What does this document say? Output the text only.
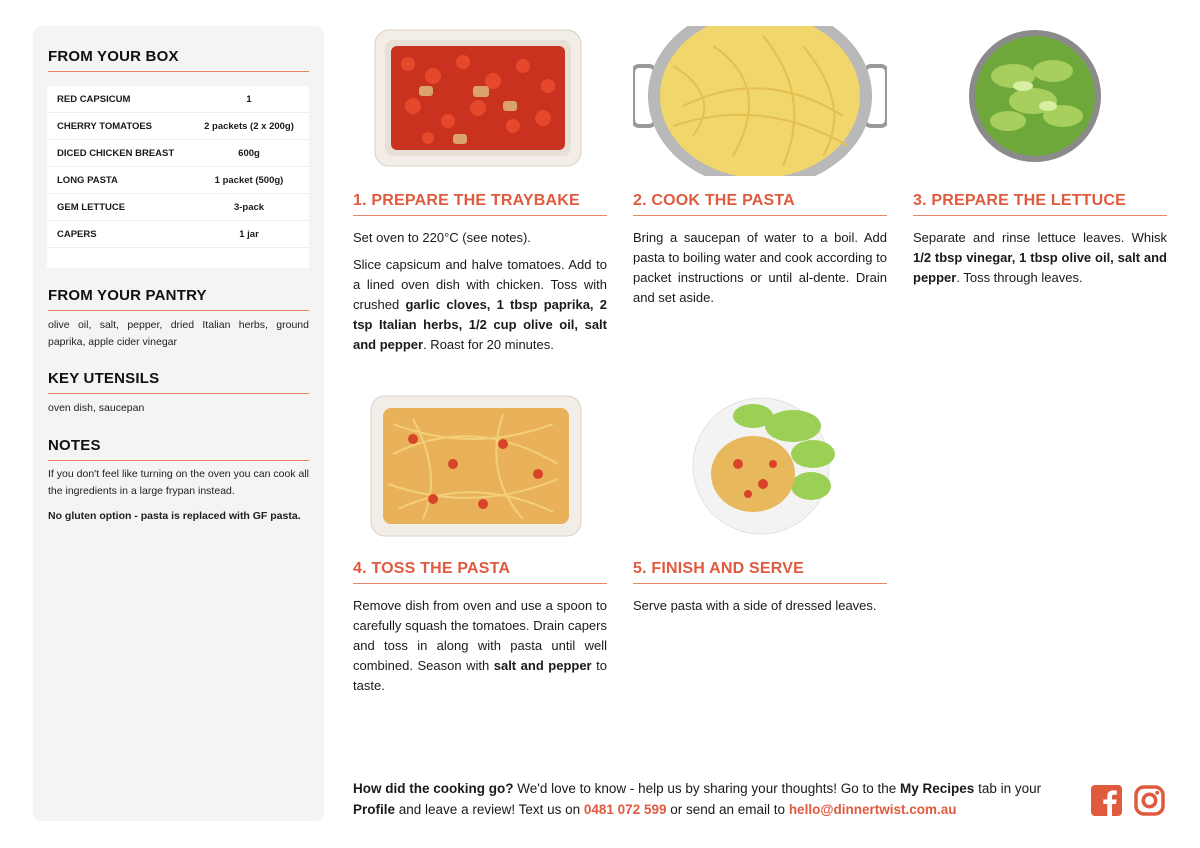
FROM YOUR BOX
RED CAPSICUM	1
CHERRY TOMATOES	2 packets (2 x 200g)
DICED CHICKEN BREAST	600g
LONG PASTA	1 packet (500g)
GEM LETTUCE	3-pack
CAPERS	1 jar
FROM YOUR PANTRY
olive oil, salt, pepper, dried Italian herbs, ground paprika, apple cider vinegar
KEY UTENSILS
oven dish, saucepan
NOTES
If you don't feel like turning on the oven you can cook all the ingredients in a large frypan instead.
No gluten option - pasta is replaced with GF pasta.
1. PREPARE THE TRAYBAKE

Set oven to 220°C (see notes).

Slice capsicum and halve tomatoes. Add to a lined oven dish with chicken. Toss with crushed garlic cloves, 1 tbsp paprika, 2 tsp Italian herbs, 1/2 cup olive oil, salt and pepper. Roast for 20 minutes.

2. COOK THE PASTA

Bring a saucepan of water to a boil. Add pasta to boiling water and cook according to packet instructions or until al-dente. Drain and set aside.

3. PREPARE THE LETTUCE

Separate and rinse lettuce leaves. Whisk 1/2 tbsp vinegar, 1 tbsp olive oil, salt and pepper. Toss through leaves.

4. TOSS THE PASTA

Remove dish from oven and use a spoon to carefully squash the tomatoes. Drain capers and toss in along with pasta until well combined. Season with salt and pepper to taste.

5. FINISH AND SERVE

Serve pasta with a side of dressed leaves.

How did the cooking go? We'd love to know - help us by sharing your thoughts! Go to the My Recipes tab in your Profile and leave a review! Text us on 0481 072 599 or send an email to hello@dinnertwist.com.au
